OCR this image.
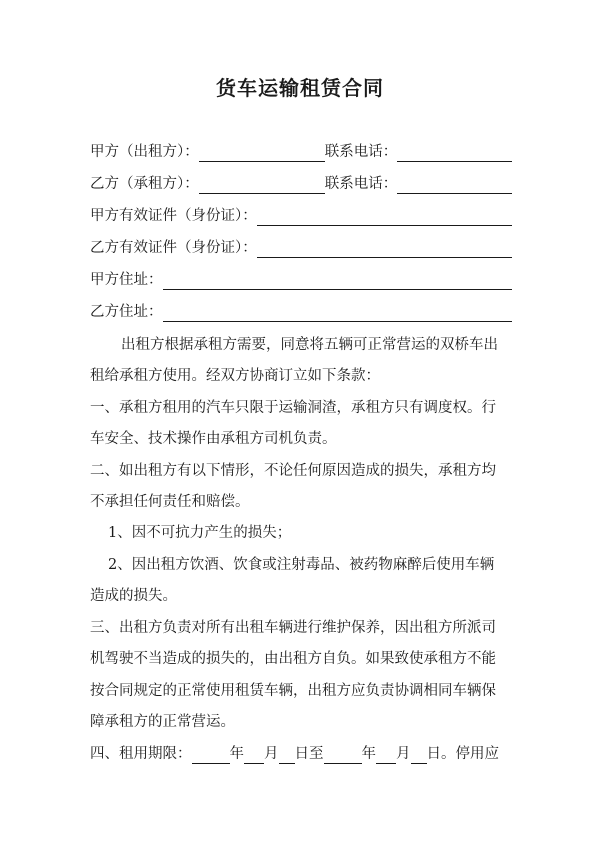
货车运输租赁合同
甲方（出租方）：	联系电话：
乙方（承租方）：	联系电话：
甲方有效证件（身份证）：
乙方有效证件（身份证）：
甲方住址：
乙方住址：
出租方根据承租方需要，同意将五辆可正常营运的双桥车出
租给承租方使用。经双方协商订立如下条款：
一、承租方租用的汽车只限于运输洞渣，承租方只有调度权。行
车安全、技术操作由承租方司机负责。
二、如出租方有以下情形，不论任何原因造成的损失，承租方均
不承担任何责任和赔偿。
1、因不可抗力产生的损失；
2、因出租方饮酒、饮食或注射毒品、被药物麻醉后使用车辆
造成的损失。
三、出租方负责对所有出租车辆进行维护保养，因出租方所派司
机驾驶不当造成的损失的，由出租方自负。如果致使承租方不能
按合同规定的正常使用租赁车辆，出租方应负责协调相同车辆保
障承租方的正常营运。
四、租用期限：	年 月 日至	年 月 日。停用应
